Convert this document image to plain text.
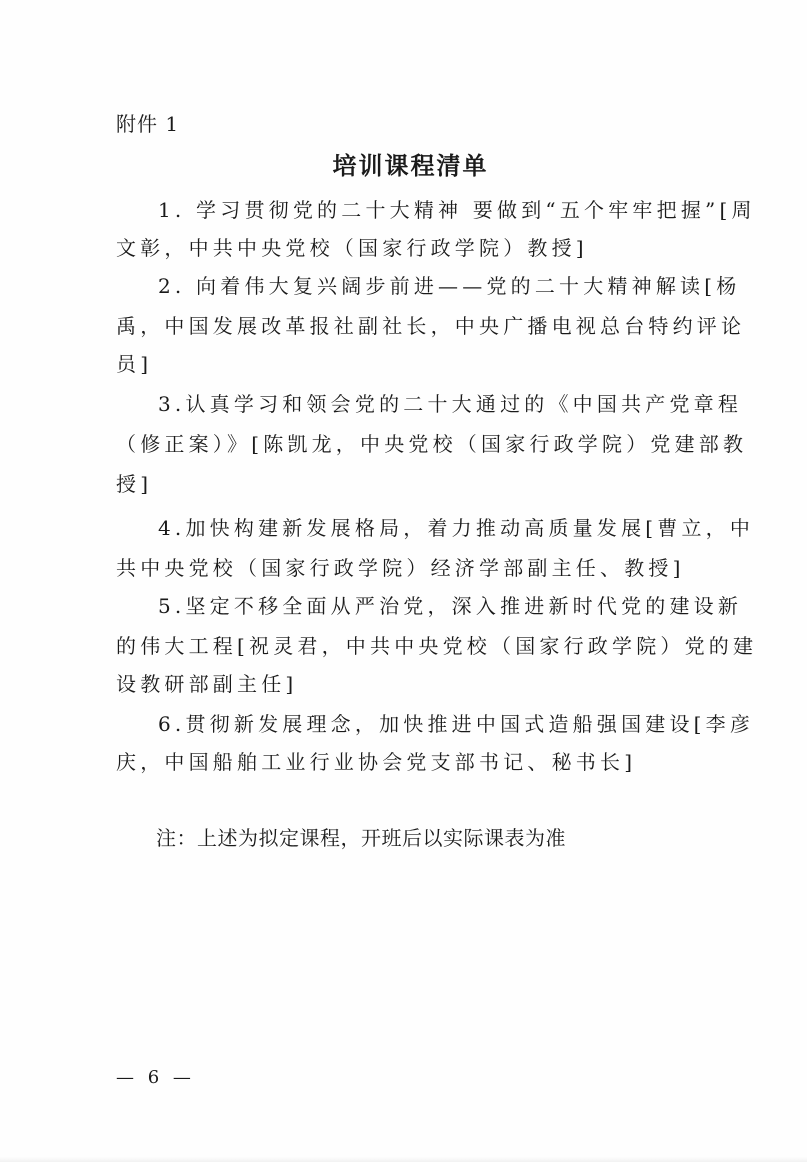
附件 1
培训课程清单
1. 学习贯彻党的二十大精神 要做到“五个牢牢把握”[周
文彰，中共中央党校（国家行政学院）教授]
2. 向着伟大复兴阔步前进——党的二十大精神解读[杨
禹，中国发展改革报社副社长，中央广播电视总台特约评论
员]
3.认真学习和领会党的二十大通过的《中国共产党章程
（修正案）》[陈凯龙，中央党校（国家行政学院）党建部教
授]
4.加快构建新发展格局，着力推动高质量发展[曹立，中
共中央党校（国家行政学院）经济学部副主任、教授]
5.坚定不移全面从严治党，深入推进新时代党的建设新
的伟大工程[祝灵君，中共中央党校（国家行政学院）党的建
设教研部副主任]
6.贯彻新发展理念，加快推进中国式造船强国建设[李彦
庆，中国船舶工业行业协会党支部书记、秘书长]
注：上述为拟定课程，开班后以实际课表为准
— 6 —
